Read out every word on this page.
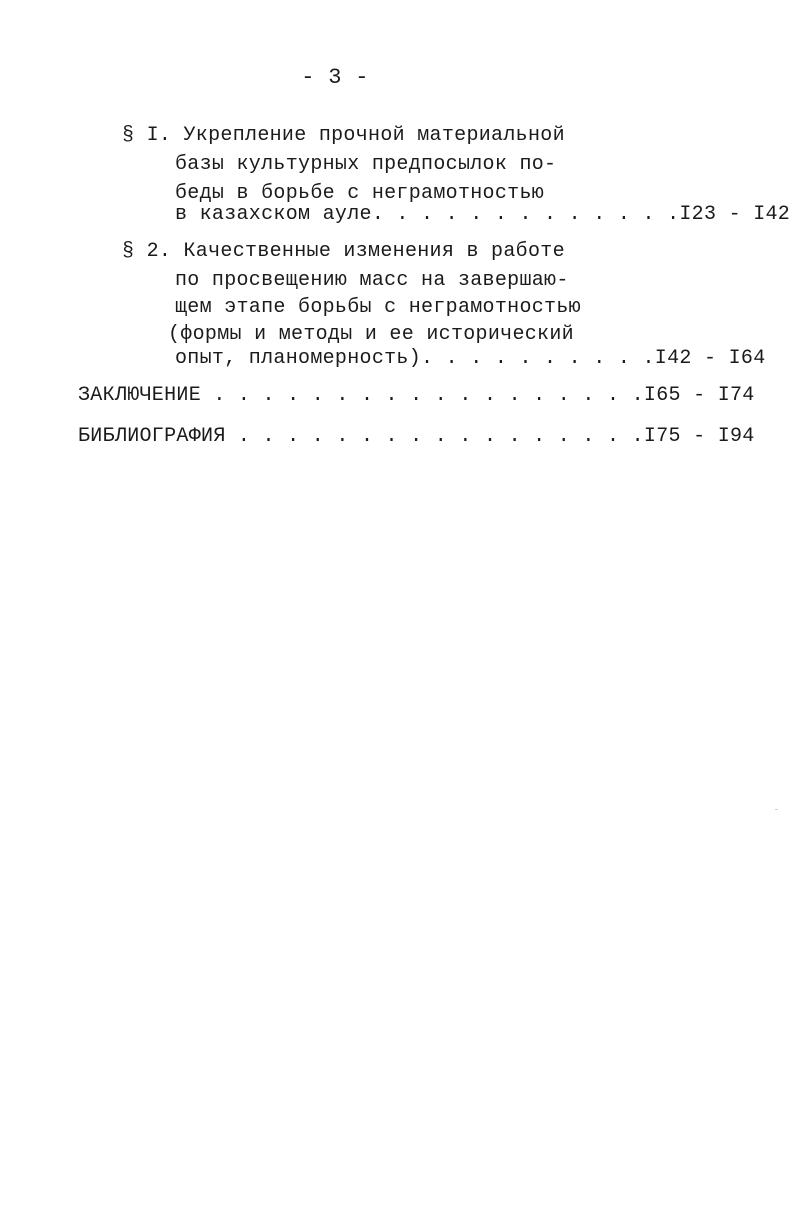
- 3 -
§ I. Укрепление прочной материальной
базы культурных предпосылок по-
беды в борьбе с неграмотностью
в казахском ауле. . . . . . . . . . . . .I23 - I42
§ 2. Качественные изменения в работе
по просвещению масс на завершаю-
щем этапе борьбы с неграмотностью
(формы и методы и ее исторический
опыт, планомерность). . . . . . . . . .I42 - I64
ЗАКЛЮЧЕНИЕ . . . . . . . . . . . . . . . . . .I65 - I74
БИБЛИОГРАФИЯ . . . . . . . . . . . . . . . . .I75 - I94
